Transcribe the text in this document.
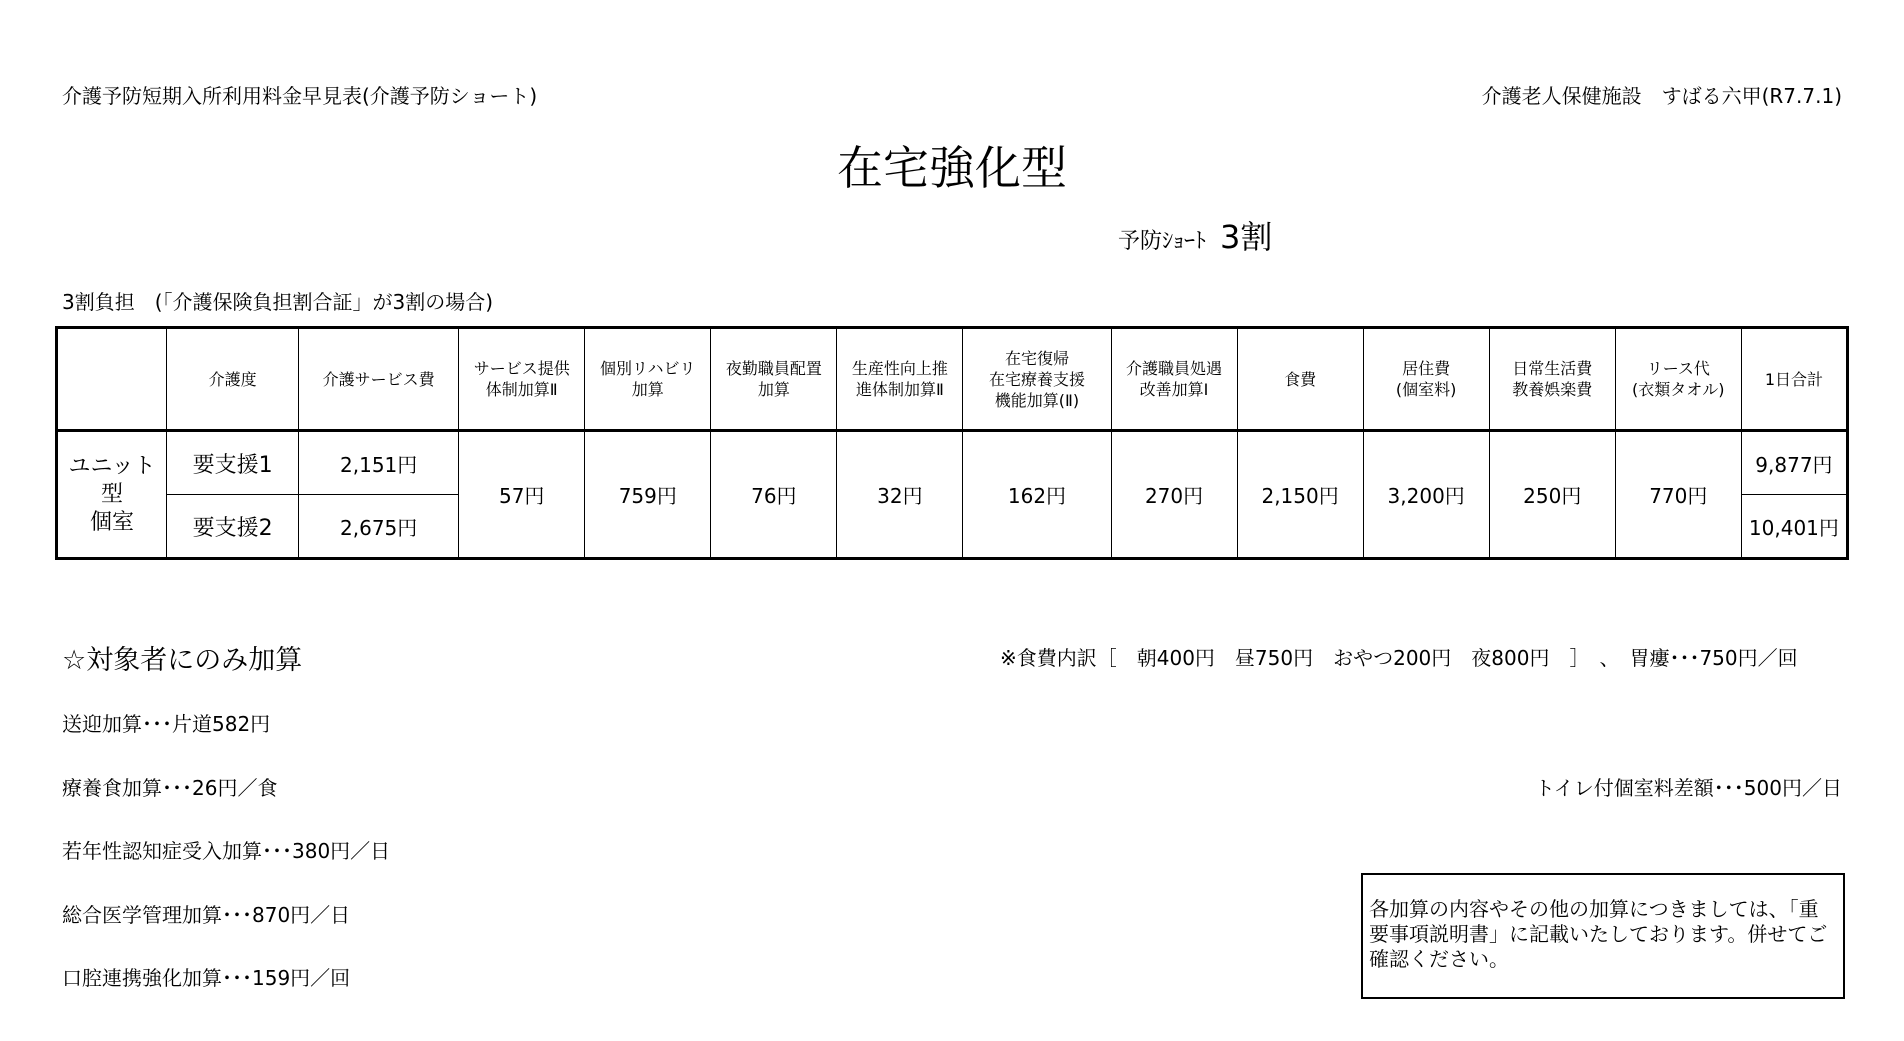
介護予防短期入所利用料金早見表(介護予防ショート)	介護老人保健施設　すばる六甲(R7.7.1)
在宅強化型
予防ｼｮｰﾄ 3割
3割負担　(「介護保険負担割合証」が3割の場合)
	介護度	介護サービス費	サービス提供
体制加算Ⅱ	個別リハビリ
加算	夜勤職員配置
加算	生産性向上推
進体制加算Ⅱ	在宅復帰
在宅療養支援
機能加算(Ⅱ)	介護職員処遇
改善加算Ⅰ	食費	居住費
(個室料)	日常生活費
教養娯楽費	リース代
(衣類タオル)	1日合計
ユニット型
個室	要支援1	2,151円	57円	759円	76円	32円	162円	270円	2,150円	3,200円	250円	770円	9,877円
	要支援2	2,675円											10,401円
☆対象者にのみ加算	※食費内訳［　朝400円　昼750円　おやつ200円　夜800円　］　、　胃瘻･･･750円／回
送迎加算･･･片道582円
療養食加算･･･26円／食
若年性認知症受入加算･･･380円／日
総合医学管理加算･･･870円／日
口腔連携強化加算･･･159円／回
トイレ付個室料差額･･･500円／日
各加算の内容やその他の加算につきましては、「重要事項説明書」に記載いたしております。併せてご確認ください。
